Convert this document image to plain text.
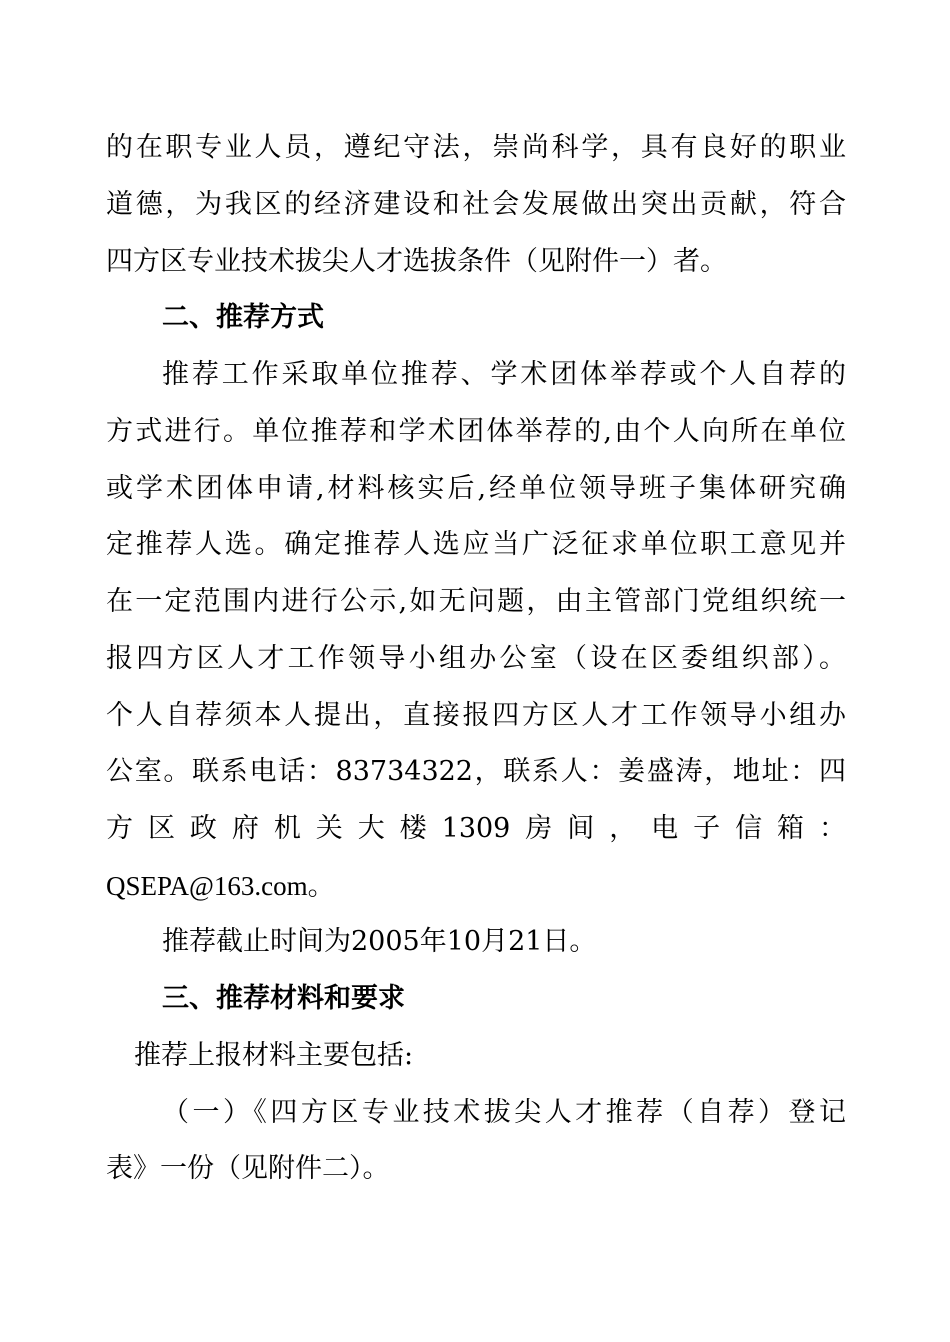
的在职专业人员，遵纪守法，崇尚科学，具有良好的职业
道德，为我区的经济建设和社会发展做出突出贡献，符合
四方区专业技术拔尖人才选拔条件（见附件一）者。
二、推荐方式
推荐工作采取单位推荐、学术团体举荐或个人自荐的
方式进行。单位推荐和学术团体举荐的,由个人向所在单位
或学术团体申请,材料核实后,经单位领导班子集体研究确
定推荐人选。确定推荐人选应当广泛征求单位职工意见并
在一定范围内进行公示,如无问题，由主管部门党组织统一
报四方区人才工作领导小组办公室（设在区委组织部）。
个人自荐须本人提出，直接报四方区人才工作领导小组办
公室。联系电话：83734322，联系人：姜盛涛，地址：四
方区政府机关大楼1309房间，电子信箱：
QSEPA@163.com。
推荐截止时间为2005年10月21日。
三、推荐材料和要求
推荐上报材料主要包括:
（一）《四方区专业技术拔尖人才推荐（自荐）登记
表》一份（见附件二）。
